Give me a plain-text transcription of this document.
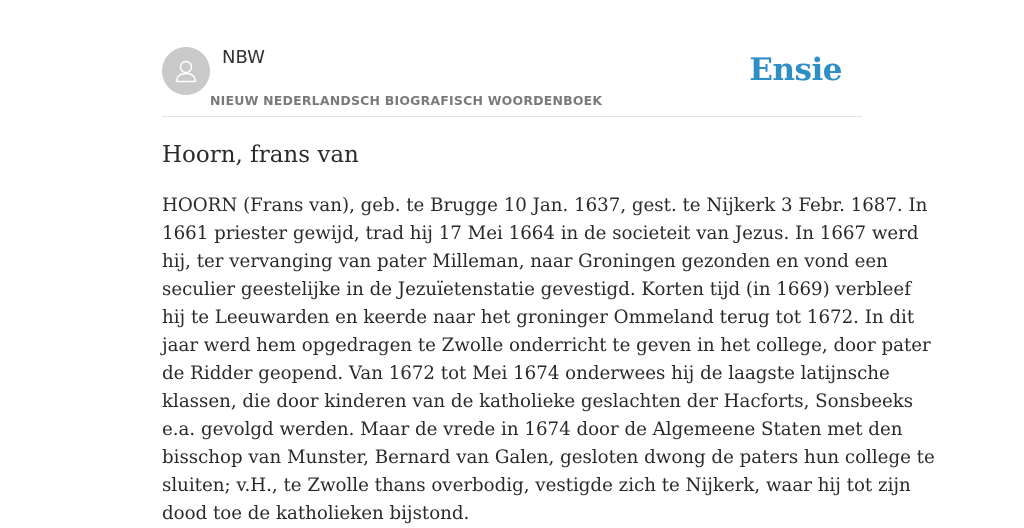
NBW
NIEUW NEDERLANDSCH BIOGRAFISCH WOORDENBOEK
Ensie
Hoorn, frans van
HOORN (Frans van), geb. te Brugge 10 Jan. 1637, gest. te Nijkerk 3 Febr. 1687. In
1661 priester gewijd, trad hij 17 Mei 1664 in de societeit van Jezus. In 1667 werd
hij, ter vervanging van pater Milleman, naar Groningen gezonden en vond een
seculier geestelijke in de Jezuïetenstatie gevestigd. Korten tijd (in 1669) verbleef
hij te Leeuwarden en keerde naar het groninger Ommeland terug tot 1672. In dit
jaar werd hem opgedragen te Zwolle onderricht te geven in het college, door pater
de Ridder geopend. Van 1672 tot Mei 1674 onderwees hij de laagste latijnsche
klassen, die door kinderen van de katholieke geslachten der Hacforts, Sonsbeeks
e.a. gevolgd werden. Maar de vrede in 1674 door de Algemeene Staten met den
bisschop van Munster, Bernard van Galen, gesloten dwong de paters hun college te
sluiten; v.H., te Zwolle thans overbodig, vestigde zich te Nijkerk, waar hij tot zijn
dood toe de katholieken bijstond.
